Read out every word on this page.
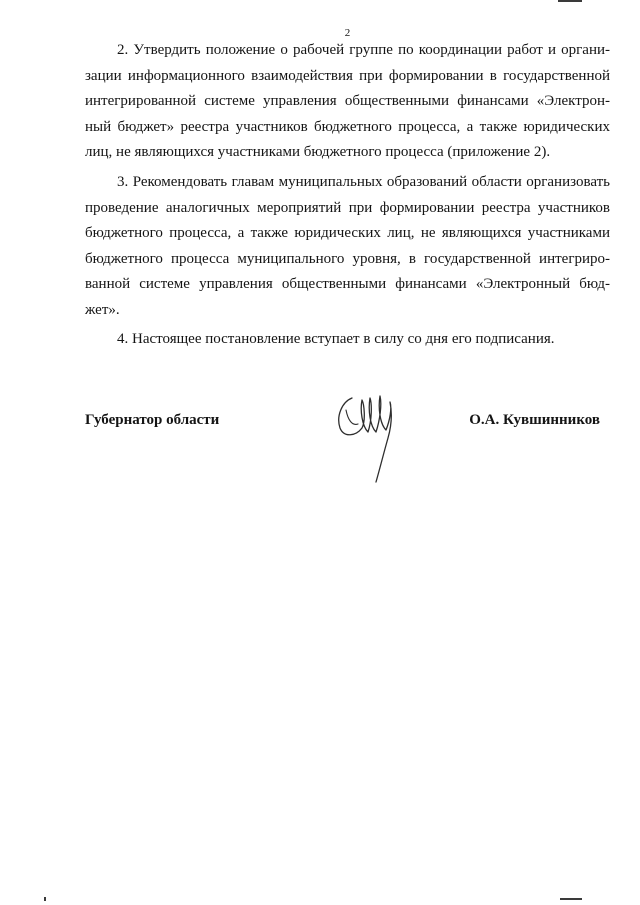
2
2. Утвердить положение о рабочей группе по координации работ и органи-
зации информационного взаимодействия при формировании в государственной
интегрированной системе управления общественными финансами «Электрон-
ный бюджет» реестра участников бюджетного процесса, а также юридических
лиц, не являющихся участниками бюджетного процесса (приложение 2).
3. Рекомендовать главам муниципальных образований области организовать
проведение аналогичных мероприятий при формировании реестра участников
бюджетного процесса, а также юридических лиц, не являющихся участниками
бюджетного процесса муниципального уровня, в государственной интегриро-
ванной системе управления общественными финансами «Электронный бюд-
жет».
4. Настоящее постановление вступает в силу со дня его подписания.
Губернатор области	О.А. Кувшинников
